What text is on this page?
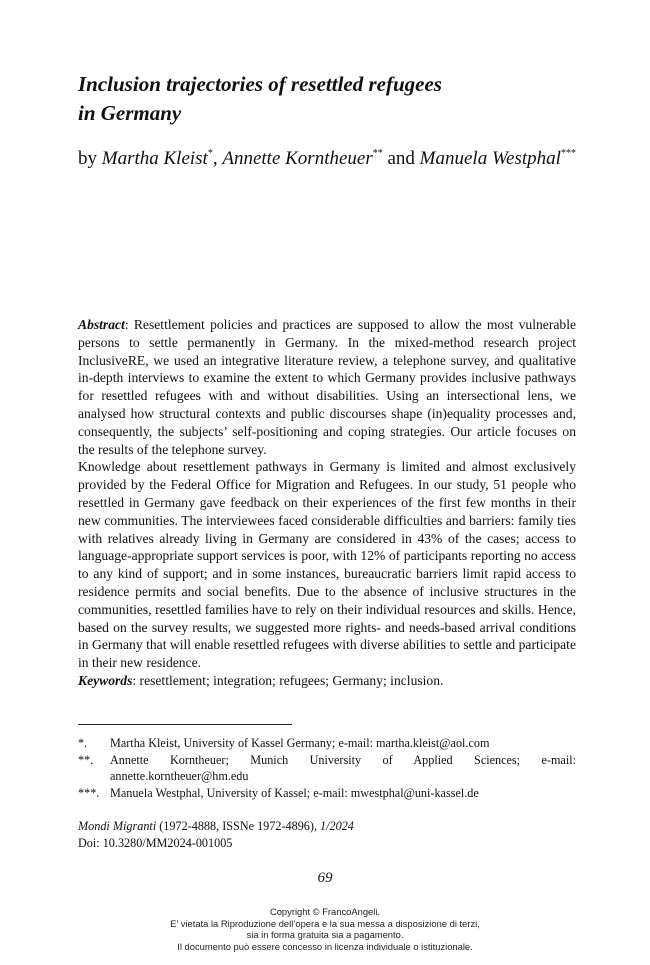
Inclusion trajectories of resettled refugees
in Germany

by Martha Kleist*, Annette Korntheuer** and Manuela Westphal***

Abstract: Resettlement policies and practices are supposed to allow the most vulnerable persons to settle permanently in Germany. In the mixed-method research project InclusiveRE, we used an integrative literature review, a telephone survey, and qualitative in-depth interviews to examine the extent to which Germany provides inclusive pathways for resettled refugees with and without disabilities. Using an intersectional lens, we analysed how structural contexts and public discourses shape (in)equality processes and, consequently, the subjects’ self-positioning and coping strategies. Our article focuses on the results of the telephone survey.

Knowledge about resettlement pathways in Germany is limited and almost exclusively provided by the Federal Office for Migration and Refugees. In our study, 51 people who resettled in Germany gave feedback on their experiences of the first few months in their new communities. The interviewees faced considerable difficulties and barriers: family ties with relatives already living in Germany are considered in 43% of the cases; access to language-appropriate support services is poor, with 12% of participants reporting no access to any kind of support; and in some instances, bureaucratic barriers limit rapid access to residence permits and social benefits. Due to the absence of inclusive structures in the communities, resettled families have to rely on their individual resources and skills. Hence, based on the survey results, we suggested more rights- and needs-based arrival conditions in Germany that will enable resettled refugees with diverse abilities to settle and participate in their new residence.

Keywords: resettlement; integration; refugees; Germany; inclusion.

*.	Martha Kleist, University of Kassel Germany; e-mail: martha.kleist@aol.com
**.	Annette Korntheuer; Munich University of Applied Sciences; e-mail: annette.korntheuer@hm.edu
***. Manuela Westphal, University of Kassel; e-mail: mwestphal@uni-kassel.de
Mondi Migranti (1972-4888, ISSNe 1972-4896), 1/2024
Doi: 10.3280/MM2024-001005
69
Copyright © FrancoAngeli.
E’ vietata la Riproduzione dell’opera e la sua messa a disposizione di terzi,
sia in forma gratuita sia a pagamento.
Il documento può essere concesso in licenza individuale o istituzionale.
